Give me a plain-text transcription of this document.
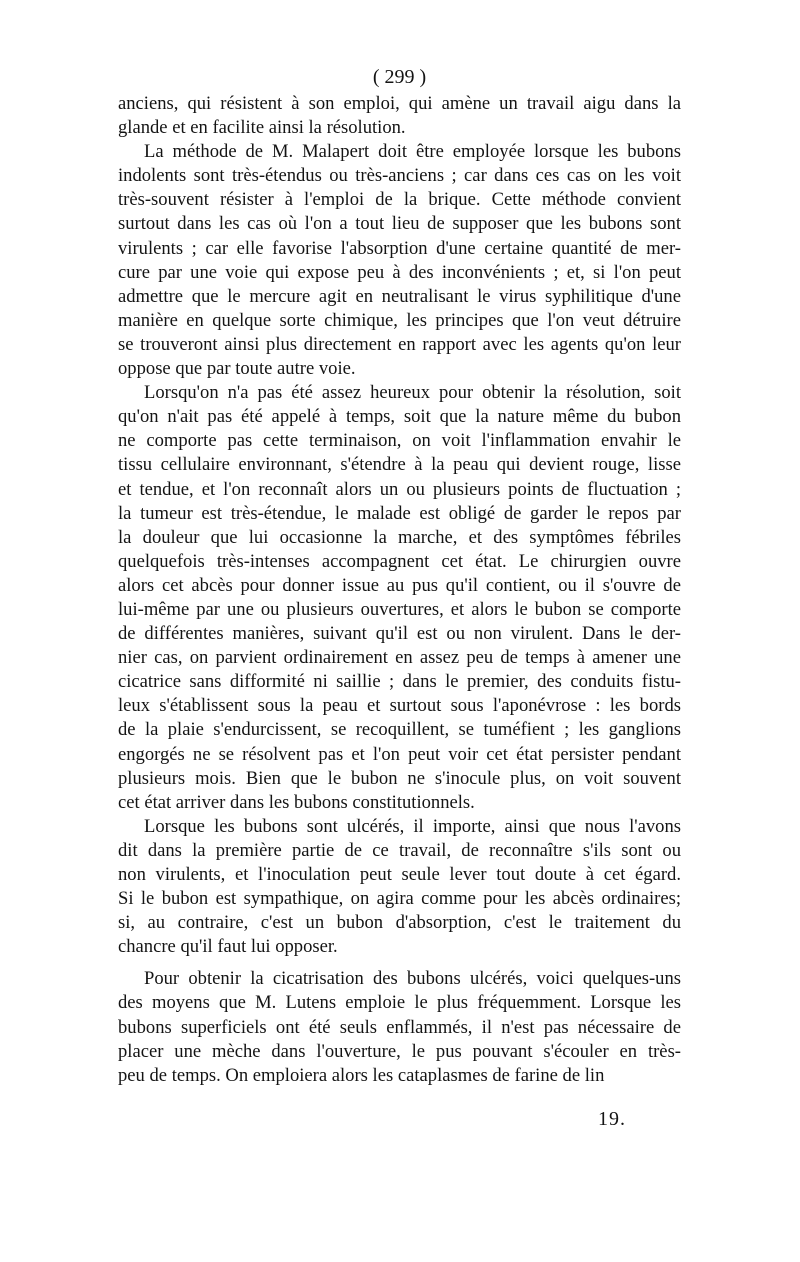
( 299 )

anciens, qui résistent à son emploi, qui amène un travail aigu dans la
glande et en facilite ainsi la résolution.

La méthode de M. Malapert doit être employée lorsque les bubons
indolents sont très-étendus ou très-anciens ; car dans ces cas on les voit
très-souvent résister à l'emploi de la brique. Cette méthode convient
surtout dans les cas où l'on a tout lieu de supposer que les bubons sont
virulents ; car elle favorise l'absorption d'une certaine quantité de mer-
cure par une voie qui expose peu à des inconvénients ; et, si l'on peut
admettre que le mercure agit en neutralisant le virus syphilitique d'une
manière en quelque sorte chimique, les principes que l'on veut détruire
se trouveront ainsi plus directement en rapport avec les agents qu'on leur
oppose que par toute autre voie.

Lorsqu'on n'a pas été assez heureux pour obtenir la résolution, soit
qu'on n'ait pas été appelé à temps, soit que la nature même du bubon
ne comporte pas cette terminaison, on voit l'inflammation envahir le
tissu cellulaire environnant, s'étendre à la peau qui devient rouge, lisse
et tendue, et l'on reconnaît alors un ou plusieurs points de fluctuation ;
la tumeur est très-étendue, le malade est obligé de garder le repos par
la douleur que lui occasionne la marche, et des symptômes fébriles
quelquefois très-intenses accompagnent cet état. Le chirurgien ouvre
alors cet abcès pour donner issue au pus qu'il contient, ou il s'ouvre de
lui-même par une ou plusieurs ouvertures, et alors le bubon se comporte
de différentes manières, suivant qu'il est ou non virulent. Dans le der-
nier cas, on parvient ordinairement en assez peu de temps à amener une
cicatrice sans difformité ni saillie ; dans le premier, des conduits fistu-
leux s'établissent sous la peau et surtout sous l'aponévrose : les bords
de la plaie s'endurcissent, se recoquillent, se tuméfient ; les ganglions
engorgés ne se résolvent pas et l'on peut voir cet état persister pendant
plusieurs mois. Bien que le bubon ne s'inocule plus, on voit souvent
cet état arriver dans les bubons constitutionnels.

Lorsque les bubons sont ulcérés, il importe, ainsi que nous l'avons
dit dans la première partie de ce travail, de reconnaître s'ils sont ou
non virulents, et l'inoculation peut seule lever tout doute à cet égard.
Si le bubon est sympathique, on agira comme pour les abcès ordinaires;
si, au contraire, c'est un bubon d'absorption, c'est le traitement du
chancre qu'il faut lui opposer.

Pour obtenir la cicatrisation des bubons ulcérés, voici quelques-uns
des moyens que M. Lutens emploie le plus fréquemment. Lorsque les
bubons superficiels ont été seuls enflammés, il n'est pas nécessaire de
placer une mèche dans l'ouverture, le pus pouvant s'écouler en très-
peu de temps. On emploiera alors les cataplasmes de farine de lin

19.
